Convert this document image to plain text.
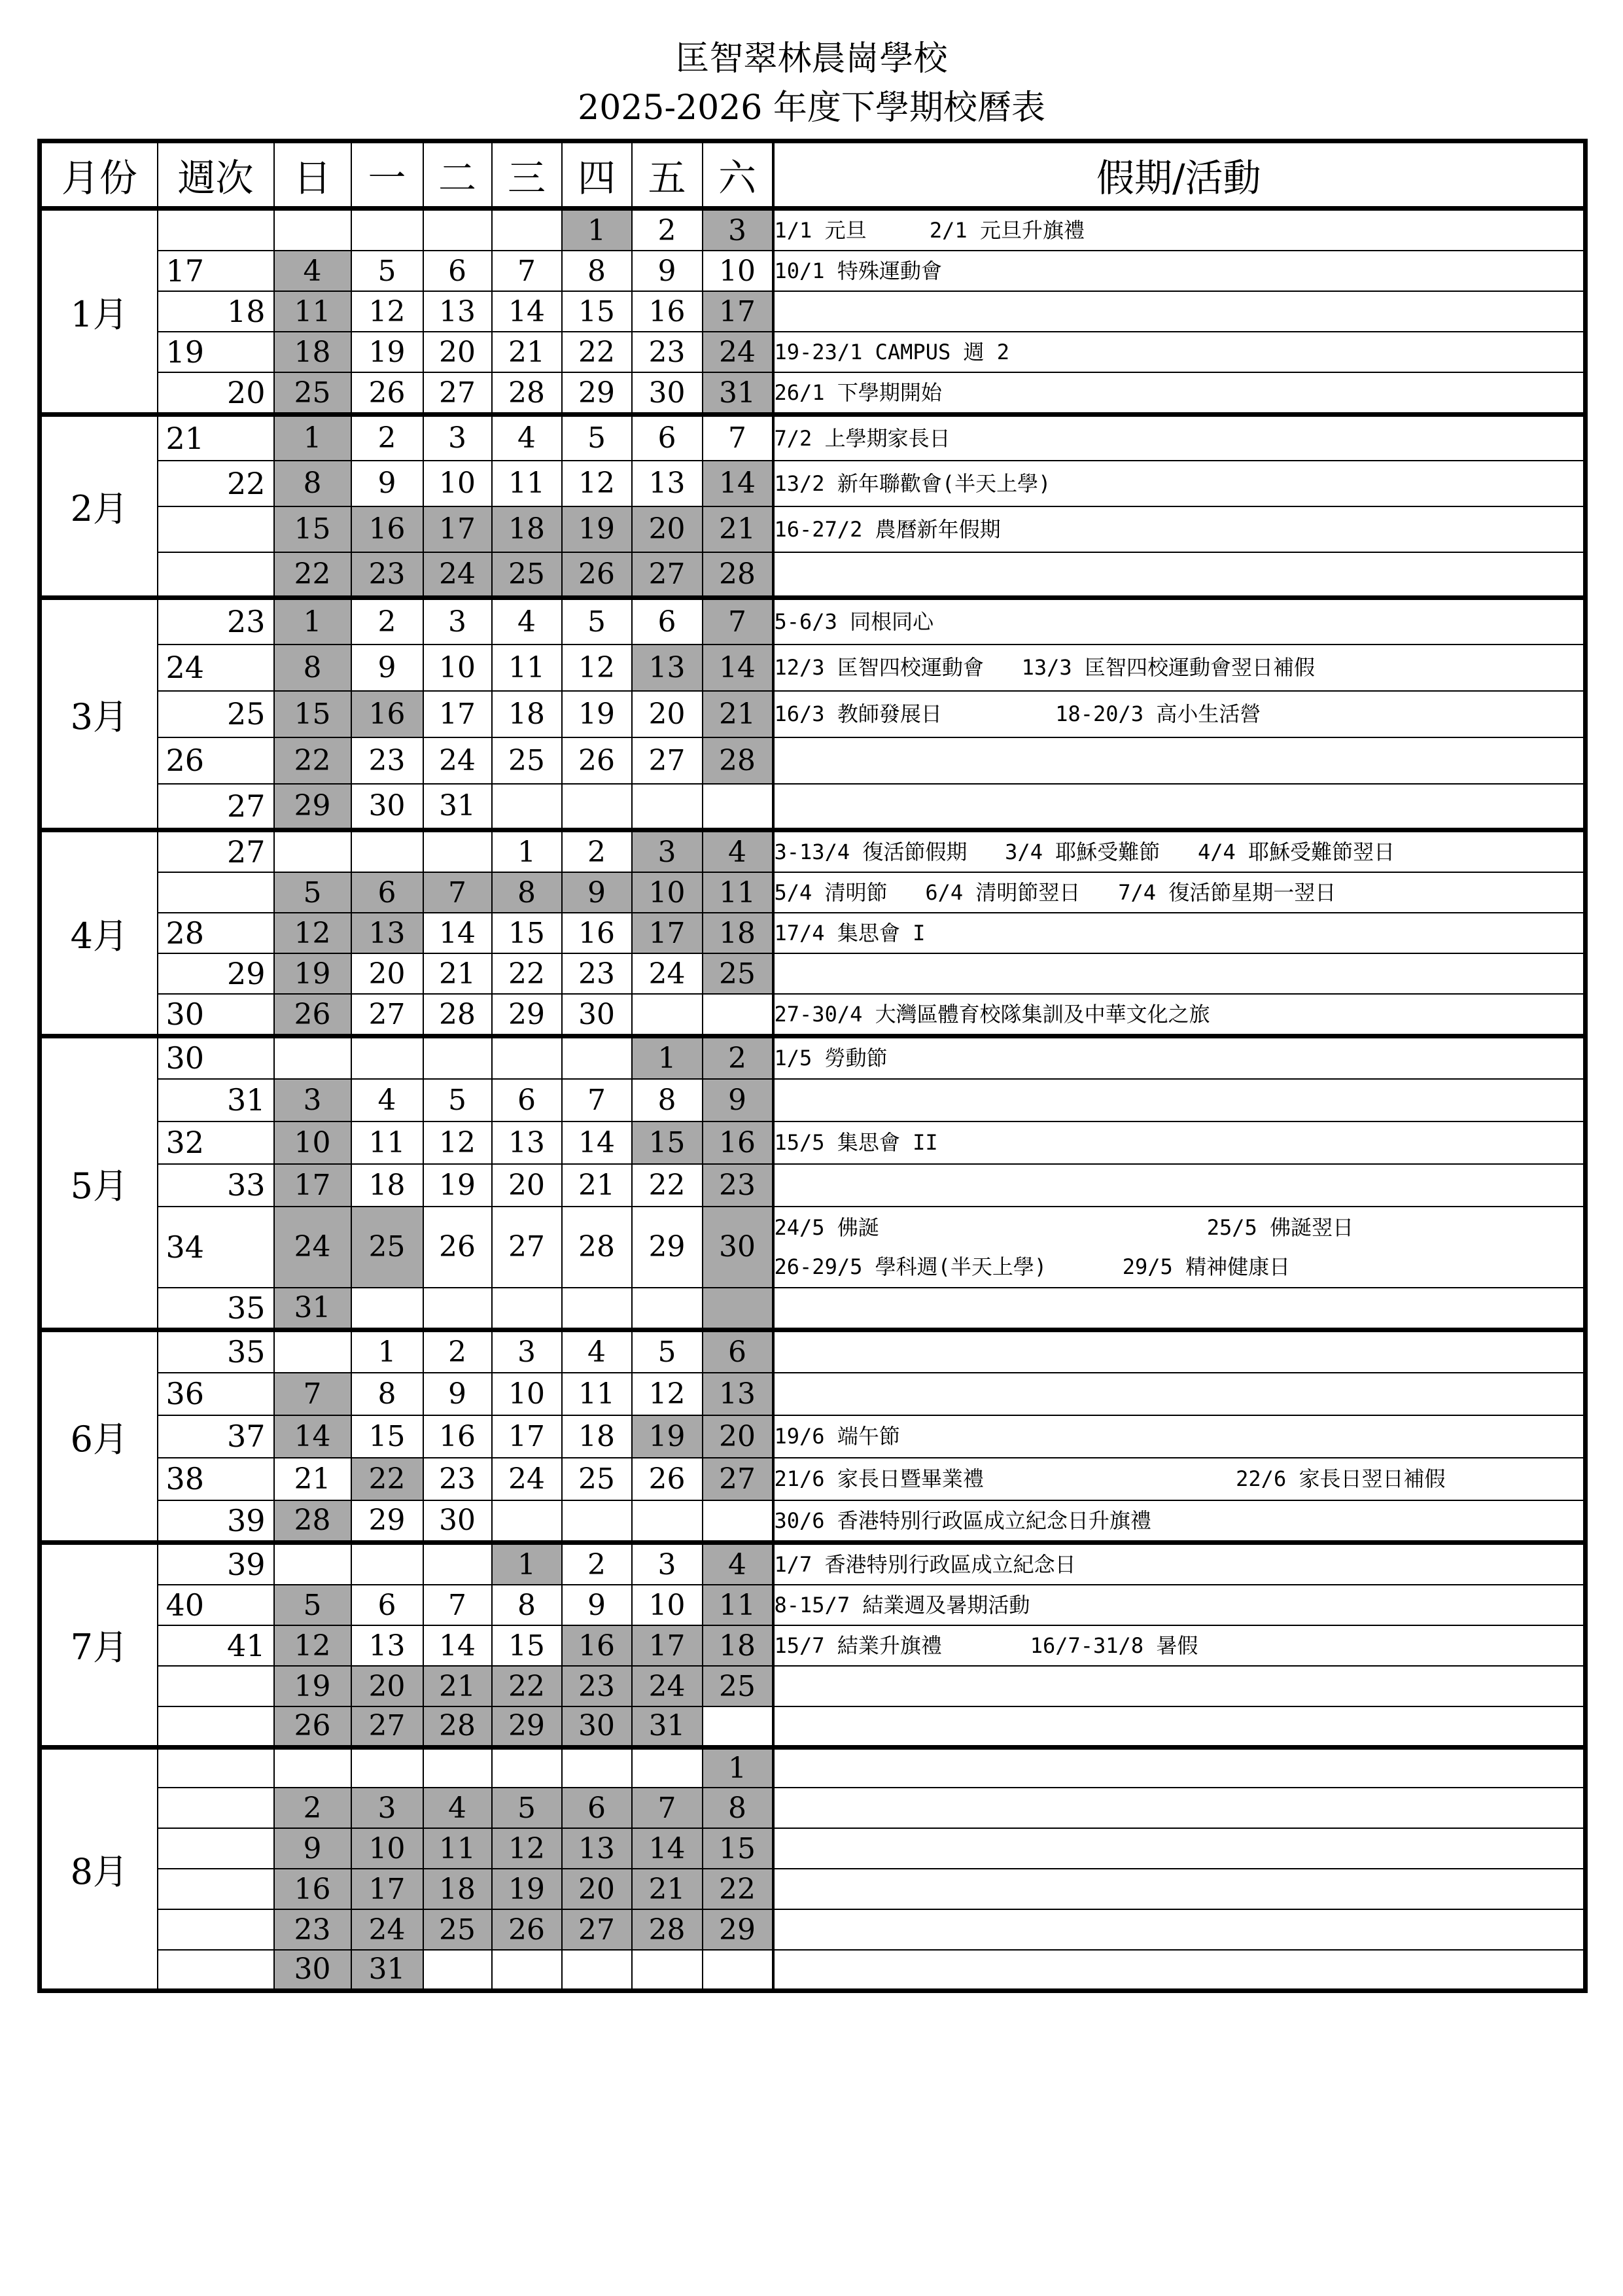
匡智翠林晨崗學校
2025-2026 年度下學期校曆表
月份	週次	日	一	二	三	四	五	六	假期/活動
1月						1	2	3	1/1 元旦     2/1 元旦升旗禮

	17	4	5	6	7	8	9	10	10/1 特殊運動會

	18	11	12	13	14	15	16	17	

	19	18	19	20	21	22	23	24	19-23/1 CAMPUS 週 2

	20	25	26	27	28	29	30	31	26/1 下學期開始

2月	21	1	2	3	4	5	6	7	7/2 上學期家長日

	22	8	9	10	11	12	13	14	13/2 新年聯歡會(半天上學)

		15	16	17	18	19	20	21	16-27/2 農曆新年假期

		22	23	24	25	26	27	28	
3月	23	1	2	3	4	5	6	7	5-6/3 同根同心

	24	8	9	10	11	12	13	14	12/3 匡智四校運動會   13/3 匡智四校運動會翌日補假

	25	15	16	17	18	19	20	21	16/3 教師發展日         18-20/3 高小生活營

	26	22	23	24	25	26	27	28	

	27	29	30	31					
4月	27				1	2	3	4	3-13/4 復活節假期   3/4 耶穌受難節   4/4 耶穌受難節翌日

		5	6	7	8	9	10	11	5/4 清明節   6/4 清明節翌日   7/4 復活節星期一翌日

	28	12	13	14	15	16	17	18	17/4 集思會 I

	29	19	20	21	22	23	24	25	

	30	26	27	28	29	30			27-30/4 大灣區體育校隊集訓及中華文化之旅

5月	30						1	2	1/5 勞動節

	31	3	4	5	6	7	8	9	

	32	10	11	12	13	14	15	16	15/5 集思會 II

	33	17	18	19	20	21	22	23	

	34	24	25	26	27	28	29	30	24/5 佛誕                          25/5 佛誕翌日
26-29/5 學科週(半天上學)      29/5 精神健康日

	35	31							
6月	35		1	2	3	4	5	6	

	36	7	8	9	10	11	12	13	

	37	14	15	16	17	18	19	20	19/6 端午節

	38	21	22	23	24	25	26	27	21/6 家長日暨畢業禮                    22/6 家長日翌日補假

	39	28	29	30					30/6 香港特別行政區成立紀念日升旗禮

7月	39				1	2	3	4	1/7 香港特別行政區成立紀念日

	40	5	6	7	8	9	10	11	8-15/7 結業週及暑期活動

	41	12	13	14	15	16	17	18	15/7 結業升旗禮       16/7-31/8 暑假

		19	20	21	22	23	24	25	

		26	27	28	29	30	31		
8月								1	

		2	3	4	5	6	7	8	

		9	10	11	12	13	14	15	

		16	17	18	19	20	21	22	

		23	24	25	26	27	28	29	

		30	31						
